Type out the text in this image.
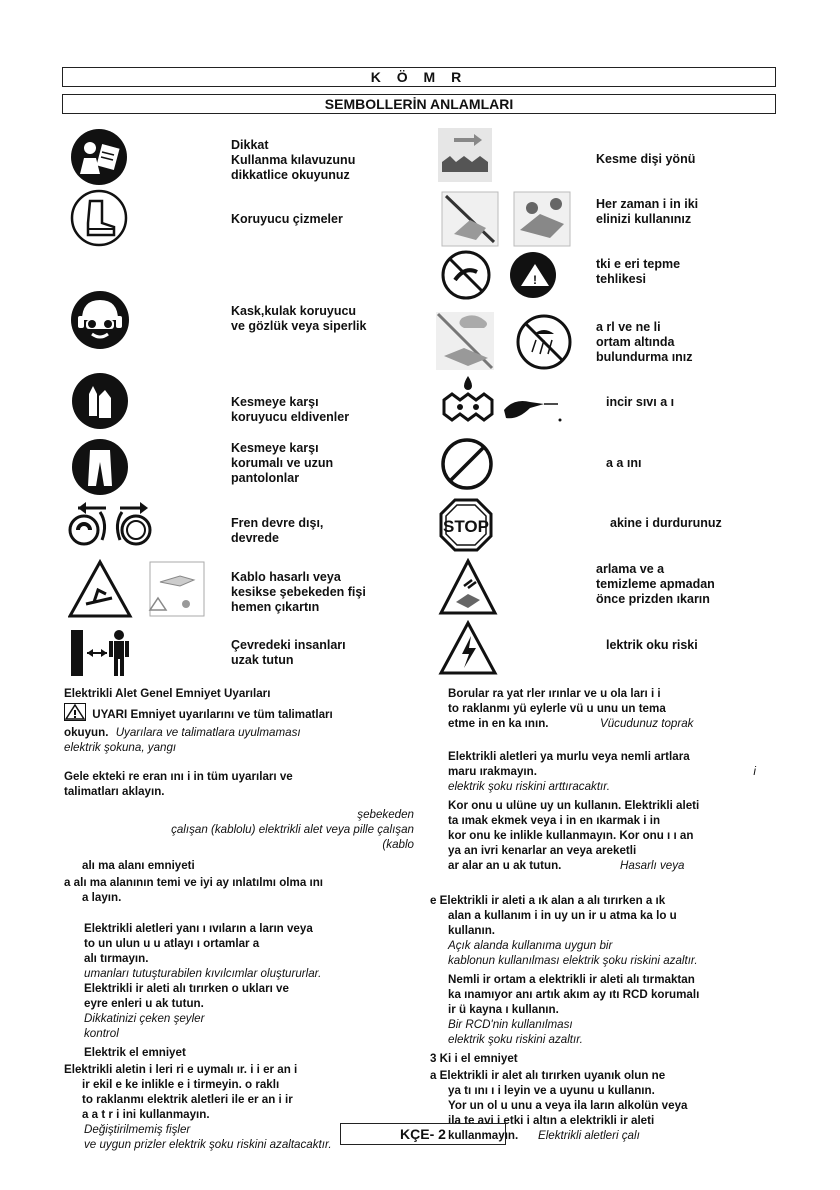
K Ö M R
SEMBOLLERİN ANLAMLARI
Dikkat
Kullanma kılavuzunu
dikkatlice okuyunuz
Koruyucu çizmeler
Kask,kulak koruyucu
ve gözlük veya siperlik
Kesmeye karşı
koruyucu eldivenler
Kesmeye karşı
korumalı ve uzun
pantolonlar
Fren devre dışı,
devrede
Kablo hasarlı veya
kesikse şebekeden fişi
hemen çıkartın
Çevredeki insanları
uzak tutun
Kesme dişi yönü
Her zaman i in iki
elinizi kullanınız
!
tki e eri tepme
tehlikesi
a rl ve ne li
ortam altında
bulundurma ınız
incir sıvı a ı
a a ını
STOP	akine i durdurunuz
arlama ve a
temizleme apmadan
önce prizden ıkarın
lektrik oku riski

Elektrikli Alet Genel Emniyet Uyarıları

UYARI Emniyet uyarılarını ve tüm talimatları
okuyun.

Uyarılara ve talimatlara uyulmaması
elektrik şokuna, yangı

Gele ekteki re eran ını i in tüm uyarıları ve
talimatları aklayın.

şebekeden
çalışan (kablolu) elektrikli alet veya pille çalışan
(kablo

alı ma alanı emniyeti

a alı ma alanının temi ve iyi ay ınlatılmı olma ını
a layın.

Elektrikli aletleri yanı ı ıvıların a ların veya
to un ulun u u atlayı ı ortamlar a
alı tırmayın.

umanları tutuşturabilen kıvılcımlar oluştururlar.

Elektrikli ir aleti alı tırırken o ukları ve
eyre enleri u ak tutun.

Dikkatinizi çeken şeyler
kontrol

Elektrik el emniyet

Elektrikli aletin i leri ri e uymalı ır. i i er an i
ir ekil e ke inlikle e i tirmeyin. o raklı
to raklanmı elektrik aletleri ile er an i ir
a a t r i ini kullanmayın.

Değiştirilmemiş fişler
ve uygun prizler elektrik şoku riskini azaltacaktır.

Borular ra yat rler ırınlar ve u ola ları i i
to raklanmı yü eylerle vü u unu un tema
etme in en ka ının.	Vücudunuz toprak

Elektrikli aletleri ya murlu veya nemli artlara
maru ırakmayın.	i

elektrik şoku riskini arttıracaktır.

Kor onu u ulüne uy un kullanın. Elektrikli aleti
ta ımak ekmek veya i in en ıkarmak i in
kor onu ke inlikle kullanmayın. Kor onu ı ı an
ya an ivri kenarlar an veya areketli
ar alar an u ak tutun.	Hasarlı veya

e Elektrikli ir aleti a ık alan a alı tırırken a ık
alan a kullanım i in uy un ir u atma ka lo u
kullanın.

Açık alanda kullanıma uygun bir
kablonun kullanılması elektrik şoku riskini azaltır.

Nemli ir ortam a elektrikli ir aleti alı tırmaktan
ka ınamıyor anı artık akım ay ıtı RCD korumalı
ir ü kayna ı kullanın.

Bir RCD'nin kullanılması
elektrik şoku riskini azaltır.

3 Ki i el emniyet

a Elektrikli ir alet alı tırırken uyanık olun ne
ya tı ını ı i leyin ve a uyunu u kullanın.
Yor un ol u unu a veya ila ların alkolün veya
ila te avi i etki i altın a elektrikli ir aleti
kullanmayın.	Elektrikli aletleri çalı

KÇE- 2
